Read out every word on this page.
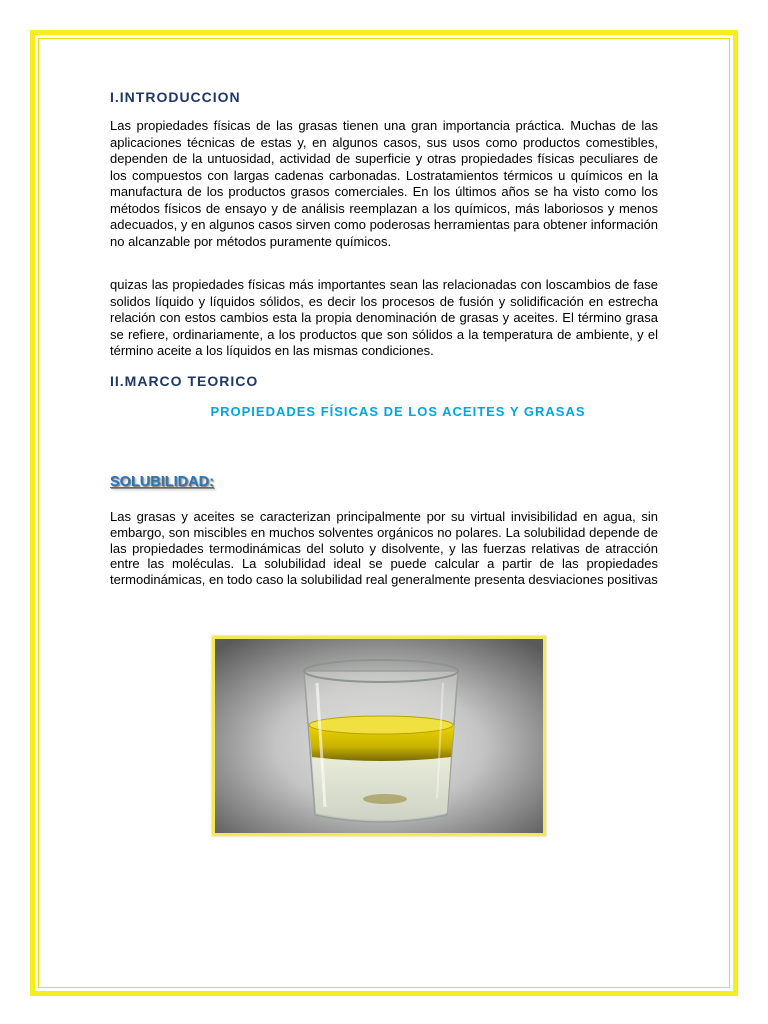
I.INTRODUCCION

Las propiedades físicas de las grasas tienen una gran importancia práctica. Muchas de las aplicaciones técnicas de estas y, en algunos casos, sus usos como productos comestibles, dependen de la untuosidad, actividad de superficie y otras propiedades físicas peculiares de los compuestos con largas cadenas carbonadas. Lostratamientos térmicos u químicos en la manufactura de los productos grasos comerciales. En los últimos años se ha visto como los métodos físicos de ensayo y de análisis reemplazan a los químicos, más laboriosos y menos adecuados, y en algunos casos sirven como poderosas herramientas para obtener información no alcanzable por métodos puramente químicos.

quizas las propiedades físicas más importantes sean las relacionadas con loscambios de fase solidos líquido y líquidos sólidos, es decir los procesos de fusión y solidificación en estrecha relación con estos cambios esta la propia denominación de grasas y aceites. El término grasa se refiere, ordinariamente, a los productos que son sólidos a la temperatura de ambiente, y el término aceite a los líquidos en las mismas condiciones.

II.MARCO TEORICO
PROPIEDADES FÍSICAS DE LOS ACEITES Y GRASAS
SOLUBILIDAD:

Las grasas y aceites se caracterizan principalmente por su virtual invisibilidad en agua, sin embargo, son miscibles en muchos solventes orgánicos no polares. La solubilidad depende de las propiedades termodinámicas del soluto y disolvente, y las fuerzas relativas de atracción entre las moléculas. La solubilidad ideal se puede calcular a partir de las propiedades termodinámicas, en todo caso la solubilidad real generalmente presenta desviaciones positivas
